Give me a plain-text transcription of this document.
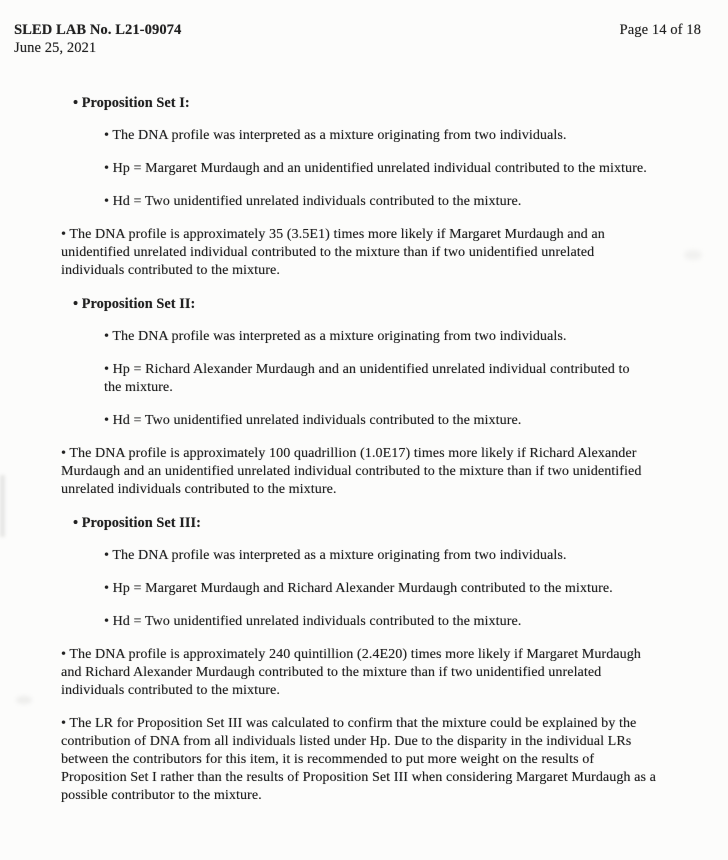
SLED LAB No. L21-09074
June 25, 2021
Page 14 of 18
• Proposition Set I:
• The DNA profile was interpreted as a mixture originating from two individuals.
• Hp = Margaret Murdaugh and an unidentified unrelated individual contributed to the mixture.
• Hd = Two unidentified unrelated individuals contributed to the mixture.
• The DNA profile is approximately 35 (3.5E1) times more likely if Margaret Murdaugh and an unidentified unrelated individual contributed to the mixture than if two unidentified unrelated individuals contributed to the mixture.
• Proposition Set II:
• The DNA profile was interpreted as a mixture originating from two individuals.
• Hp = Richard Alexander Murdaugh and an unidentified unrelated individual contributed to the mixture.
• Hd = Two unidentified unrelated individuals contributed to the mixture.
• The DNA profile is approximately 100 quadrillion (1.0E17) times more likely if Richard Alexander Murdaugh and an unidentified unrelated individual contributed to the mixture than if two unidentified unrelated individuals contributed to the mixture.
• Proposition Set III:
• The DNA profile was interpreted as a mixture originating from two individuals.
• Hp = Margaret Murdaugh and Richard Alexander Murdaugh contributed to the mixture.
• Hd = Two unidentified unrelated individuals contributed to the mixture.
• The DNA profile is approximately 240 quintillion (2.4E20) times more likely if Margaret Murdaugh and Richard Alexander Murdaugh contributed to the mixture than if two unidentified unrelated individuals contributed to the mixture.
• The LR for Proposition Set III was calculated to confirm that the mixture could be explained by the contribution of DNA from all individuals listed under Hp. Due to the disparity in the individual LRs between the contributors for this item, it is recommended to put more weight on the results of Proposition Set I rather than the results of Proposition Set III when considering Margaret Murdaugh as a possible contributor to the mixture.
